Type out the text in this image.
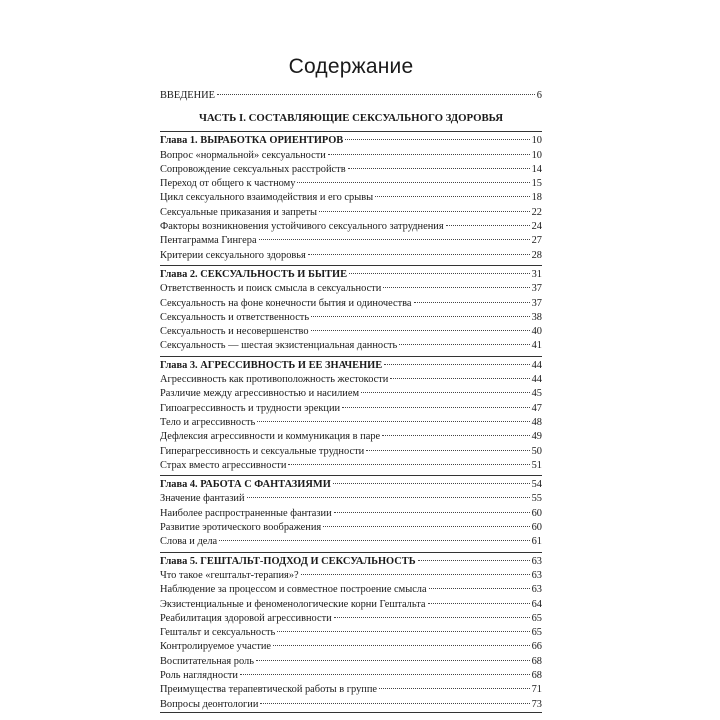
Содержание
ВВЕДЕНИЕ	6
ЧАСТЬ I. СОСТАВЛЯЮЩИЕ СЕКСУАЛЬНОГО ЗДОРОВЬЯ
Глава 1. ВЫРАБОТКА ОРИЕНТИРОВ	10
Вопрос «нормальной» сексуальности	10
Сопровождение сексуальных расстройств	14
Переход от общего к частному	15
Цикл сексуального взаимодействия и его срывы	18
Сексуальные приказания и запреты	22
Факторы возникновения устойчивого сексуального затруднения	24
Пентаграмма Гингера	27
Критерии сексуального здоровья	28
Глава 2. СЕКСУАЛЬНОСТЬ И БЫТИЕ	31
Ответственность и поиск смысла в сексуальности	37
Сексуальность на фоне конечности бытия и одиночества	37
Сексуальность и ответственность	38
Сексуальность и несовершенство	40
Сексуальность — шестая экзистенциальная данность	41
Глава 3. АГРЕССИВНОСТЬ И ЕЕ ЗНАЧЕНИЕ	44
Агрессивность как противоположность жестокости	44
Различие между агрессивностью и насилием	45
Гипоагрессивность и трудности эрекции	47
Тело и агрессивность	48
Дефлексия агрессивности и коммуникация в паре	49
Гиперагрессивность и сексуальные трудности	50
Страх вместо агрессивности	51
Глава 4. РАБОТА С ФАНТАЗИЯМИ	54
Значение фантазий	55
Наиболее распространенные фантазии	60
Развитие эротического воображения	60
Слова и дела	61
Глава 5. ГЕШТАЛЬТ-ПОДХОД И СЕКСУАЛЬНОСТЬ	63
Что такое «гештальт-терапия»?	63
Наблюдение за процессом и совместное построение смысла	63
Экзистенциальные и феноменологические корни Гештальта	64
Реабилитация здоровой агрессивности	65
Гештальт и сексуальность	65
Контролируемое участие	66
Воспитательная роль	68
Роль наглядности	68
Преимущества терапевтической работы в группе	71
Вопросы деонтологии	73
